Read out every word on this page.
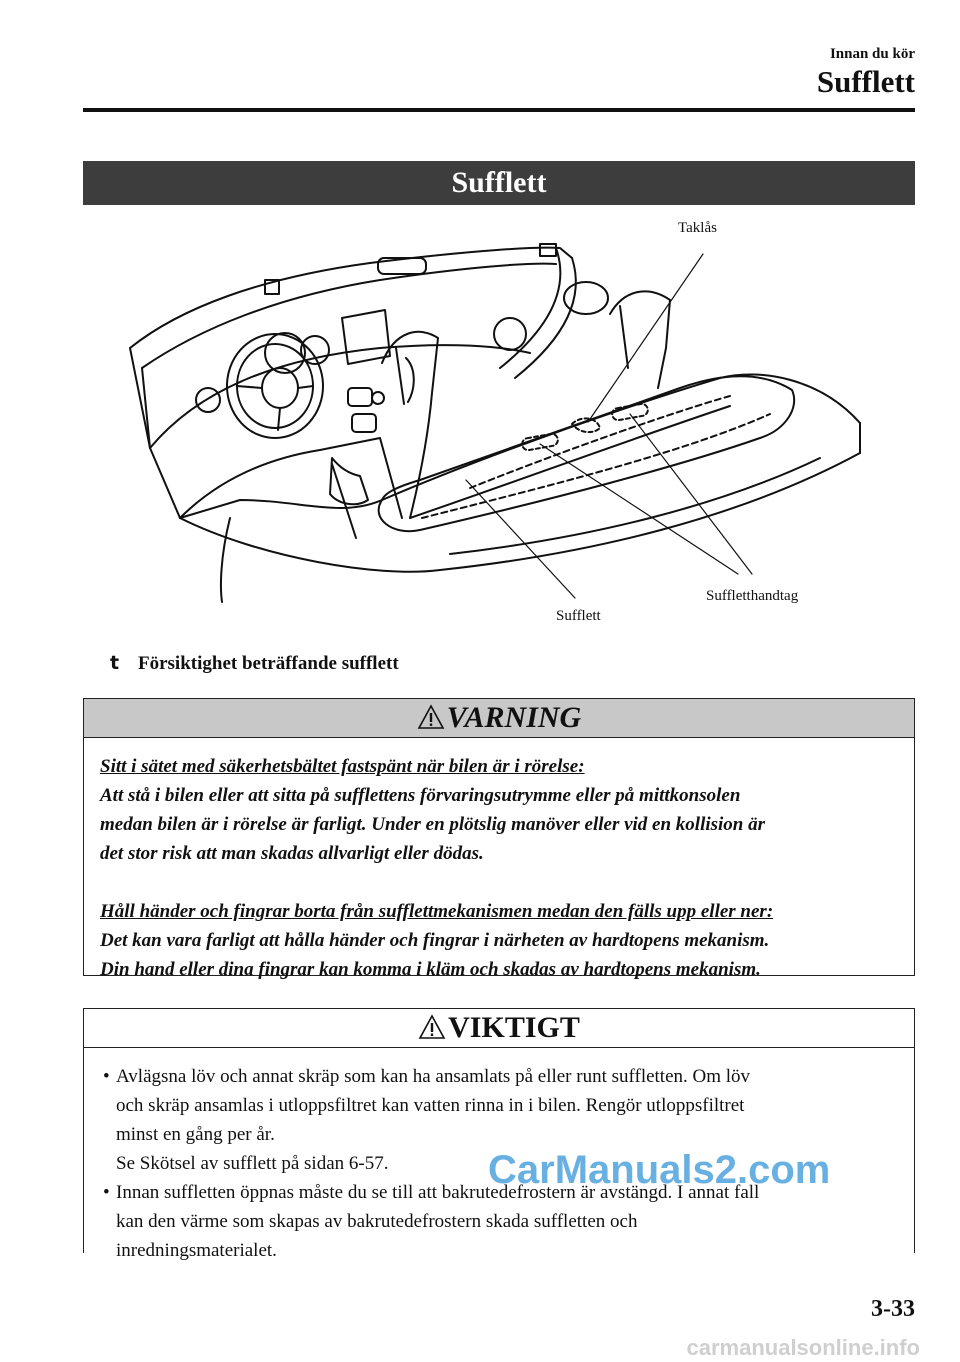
Innan du kör
Sufflett
Sufflett
Taklås
Sufflett
Suffletthandtag
t Försiktighet beträffande sufflett
VARNING

Sitt i sätet med säkerhetsbältet fastspänt när bilen är i rörelse:

Att stå i bilen eller att sitta på sufflettens förvaringsutrymme eller på mittkonsolen

medan bilen är i rörelse är farligt. Under en plötslig manöver eller vid en kollision är

det stor risk att man skadas allvarligt eller dödas.

Håll händer och fingrar borta från sufflettmekanismen medan den fälls upp eller ner:

Det kan vara farligt att hålla händer och fingrar i närheten av hardtopens mekanism.

Din hand eller dina fingrar kan komma i kläm och skadas av hardtopens mekanism.

VIKTIGT
• Avlägsna löv och annat skräp som kan ha ansamlats på eller runt suffletten. Om löv
och skräp ansamlas i utloppsfiltret kan vatten rinna in i bilen. Rengör utloppsfiltret
minst en gång per år.
Se Skötsel av sufflett på sidan 6-57.
• Innan suffletten öppnas måste du se till att bakrutedefrostern är avstängd. I annat fall
kan den värme som skapas av bakrutedefrostern skada suffletten och
inredningsmaterialet.
CarManuals2.com
3-33
carmanualsonline.info
